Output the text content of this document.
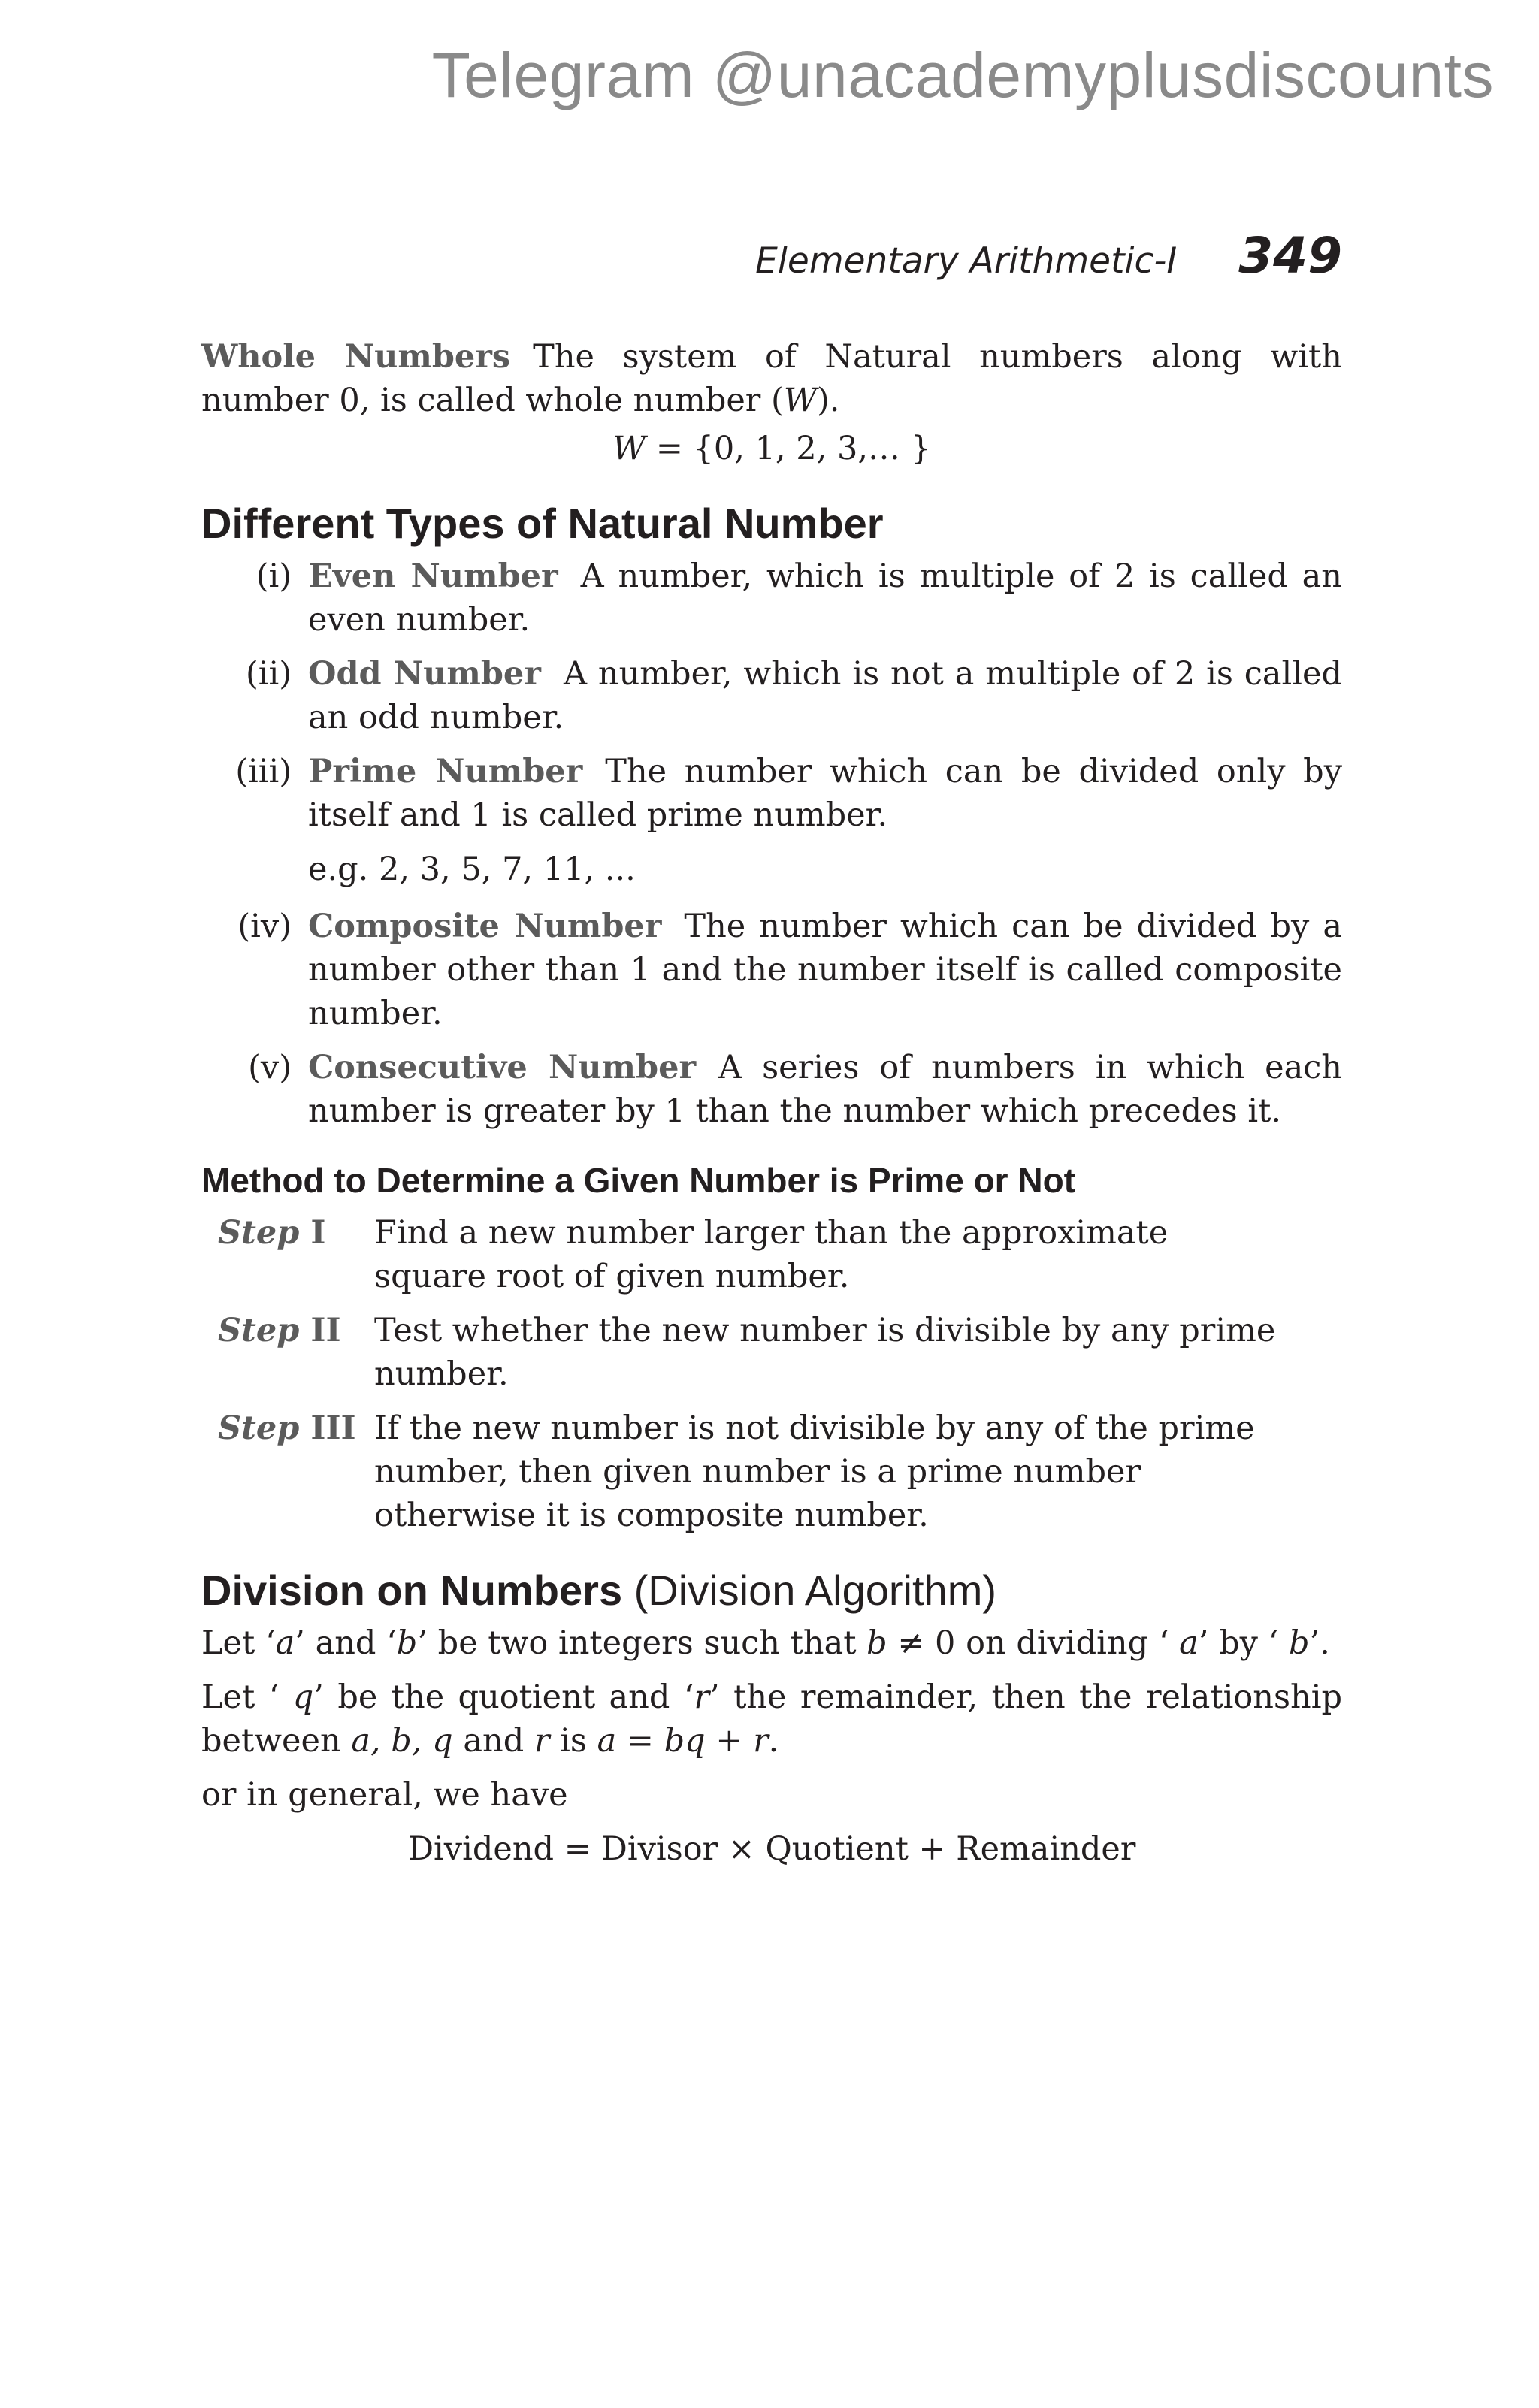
Telegram @unacademyplusdiscounts
Elementary Arithmetic-I 349

Whole Numbers The system of Natural numbers along with number 0, is called whole number (W).

W = {0, 1, 2, 3,… }

Different Types of Natural Number
(i) Even Number A number, which is multiple of 2 is called an even number.
(ii) Odd Number A number, which is not a multiple of 2 is called an odd number.
(iii) Prime Number The number which can be divided only by itself and 1 is called prime number.

e.g. 2, 3, 5, 7, 11, ...

(iv) Composite Number The number which can be divided by a number other than 1 and the number itself is called composite number.
(v) Consecutive Number A series of numbers in which each number is greater by 1 than the number which precedes it.
Method to Determine a Given Number is Prime or Not
Step I	Find a new number larger than the approximate square root of given number.
Step II	Test whether the new number is divisible by any prime number.
Step III If the new number is not divisible by any of the prime number, then given number is a prime number otherwise it is composite number.
Division on Numbers (Division Algorithm)

Let ‘a’ and ‘b’ be two integers such that b ≠ 0 on dividing ‘ a’ by ‘ b’.

Let ‘ q’ be the quotient and ‘r’ the remainder, then the relationship between a, b, q and r is a = bq + r.

or in general, we have

Dividend = Divisor × Quotient + Remainder
